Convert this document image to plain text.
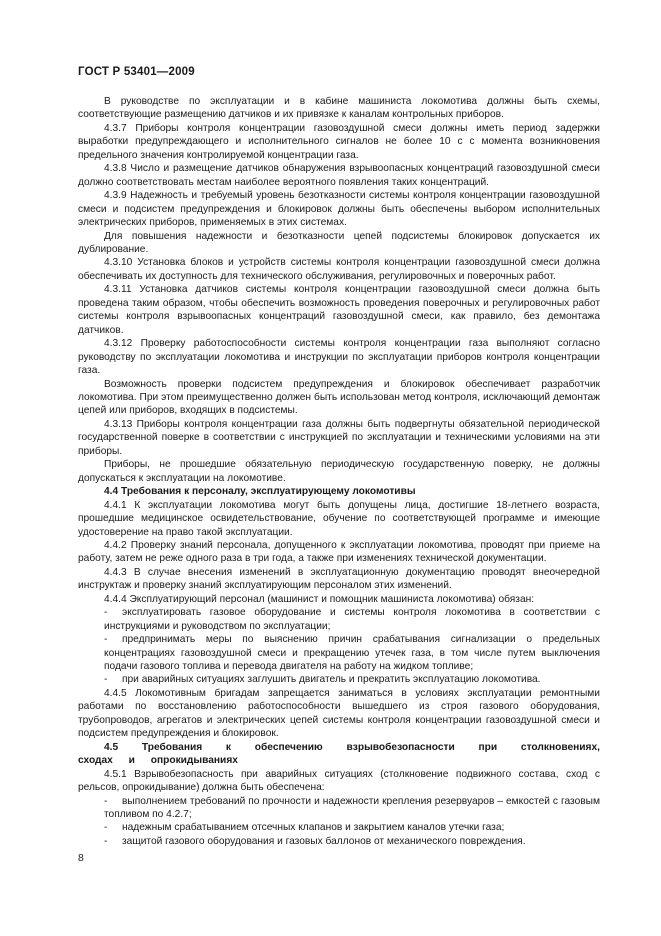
ГОСТ Р 53401—2009

В руководстве по эксплуатации и в кабине машиниста локомотива должны быть схемы, соответствующие размещению датчиков и их привязке к каналам контрольных приборов.

4.3.7 Приборы контроля концентрации газовоздушной смеси должны иметь период задержки выработки предупреждающего и исполнительного сигналов не более 10 с с момента возникновения предельного значения контролируемой концентрации газа.

4.3.8 Число и размещение датчиков обнаружения взрывоопасных концентраций газовоздушной смеси должно соответствовать местам наиболее вероятного появления таких концентраций.

4.3.9 Надежность и требуемый уровень безотказности системы контроля концентрации газовоздушной смеси и подсистем предупреждения и блокировок должны быть обеспечены выбором исполнительных электрических приборов, применяемых в этих системах.

Для повышения надежности и безотказности цепей подсистемы блокировок допускается их дублирование.

4.3.10 Установка блоков и устройств системы контроля концентрации газовоздушной смеси должна обеспечивать их доступность для технического обслуживания, регулировочных и поверочных работ.

4.3.11 Установка датчиков системы контроля концентрации газовоздушной смеси должна быть проведена таким образом, чтобы обеспечить возможность проведения поверочных и регулировочных работ системы контроля взрывоопасных концентраций газовоздушной смеси, как правило, без демонтажа датчиков.

4.3.12 Проверку работоспособности системы контроля концентрации газа выполняют согласно руководству по эксплуатации локомотива и инструкции по эксплуатации приборов контроля концентрации газа.

Возможность проверки подсистем предупреждения и блокировок обеспечивает разработчик локомотива. При этом преимущественно должен быть использован метод контроля, исключающий демонтаж цепей или приборов, входящих в подсистемы.

4.3.13 Приборы контроля концентрации газа должны быть подвергнуты обязательной периодической государственной поверке в соответствии с инструкцией по эксплуатации и техническими условиями на эти приборы.

Приборы, не прошедшие обязательную периодическую государственную поверку, не должны допускаться к эксплуатации на локомотиве.

4.4 Требования к персоналу, эксплуатирующему локомотивы

4.4.1 К эксплуатации локомотива могут быть допущены лица, достигшие 18-летнего возраста, прошедшие медицинское освидетельствование, обучение по соответствующей программе и имеющие удостоверение на право такой эксплуатации.

4.4.2 Проверку знаний персонала, допущенного к эксплуатации локомотива, проводят при приеме на работу, затем не реже одного раза в три года, а также при изменениях технической документации.

4.4.3 В случае внесения изменений в эксплуатационную документацию проводят внеочередной инструктаж и проверку знаний эксплуатирующим персоналом этих изменений.

4.4.4 Эксплуатирующий персонал (машинист и помощник машиниста локомотива) обязан:

- эксплуатировать газовое оборудование и системы контроля локомотива в соответствии с инструкциями и руководством по эксплуатации;

- предпринимать меры по выяснению причин срабатывания сигнализации о предельных концентрациях газовоздушной смеси и прекращению утечек газа, в том числе путем выключения подачи газового топлива и перевода двигателя на работу на жидком топливе;

- при аварийных ситуациях заглушить двигатель и прекратить эксплуатацию локомотива.

4.4.5 Локомотивным бригадам запрещается заниматься в условиях эксплуатации ремонтными работами по восстановлению работоспособности вышедшего из строя газового оборудования, трубопроводов, агрегатов и электрических цепей системы контроля концентрации газовоздушной смеси и подсистем предупреждения и блокировок.

4.5 Требования к обеспечению взрывобезопасности при столкновениях, сходах и опрокидываниях

4.5.1 Взрывобезопасность при аварийных ситуациях (столкновение подвижного состава, сход с рельсов, опрокидывание) должна быть обеспечена:

- выполнением требований по прочности и надежности крепления резервуаров – емкостей с газовым топливом по 4.2.7;

- надежным срабатыванием отсечных клапанов и закрытием каналов утечки газа;

- защитой газового оборудования и газовых баллонов от механического повреждения.

8
